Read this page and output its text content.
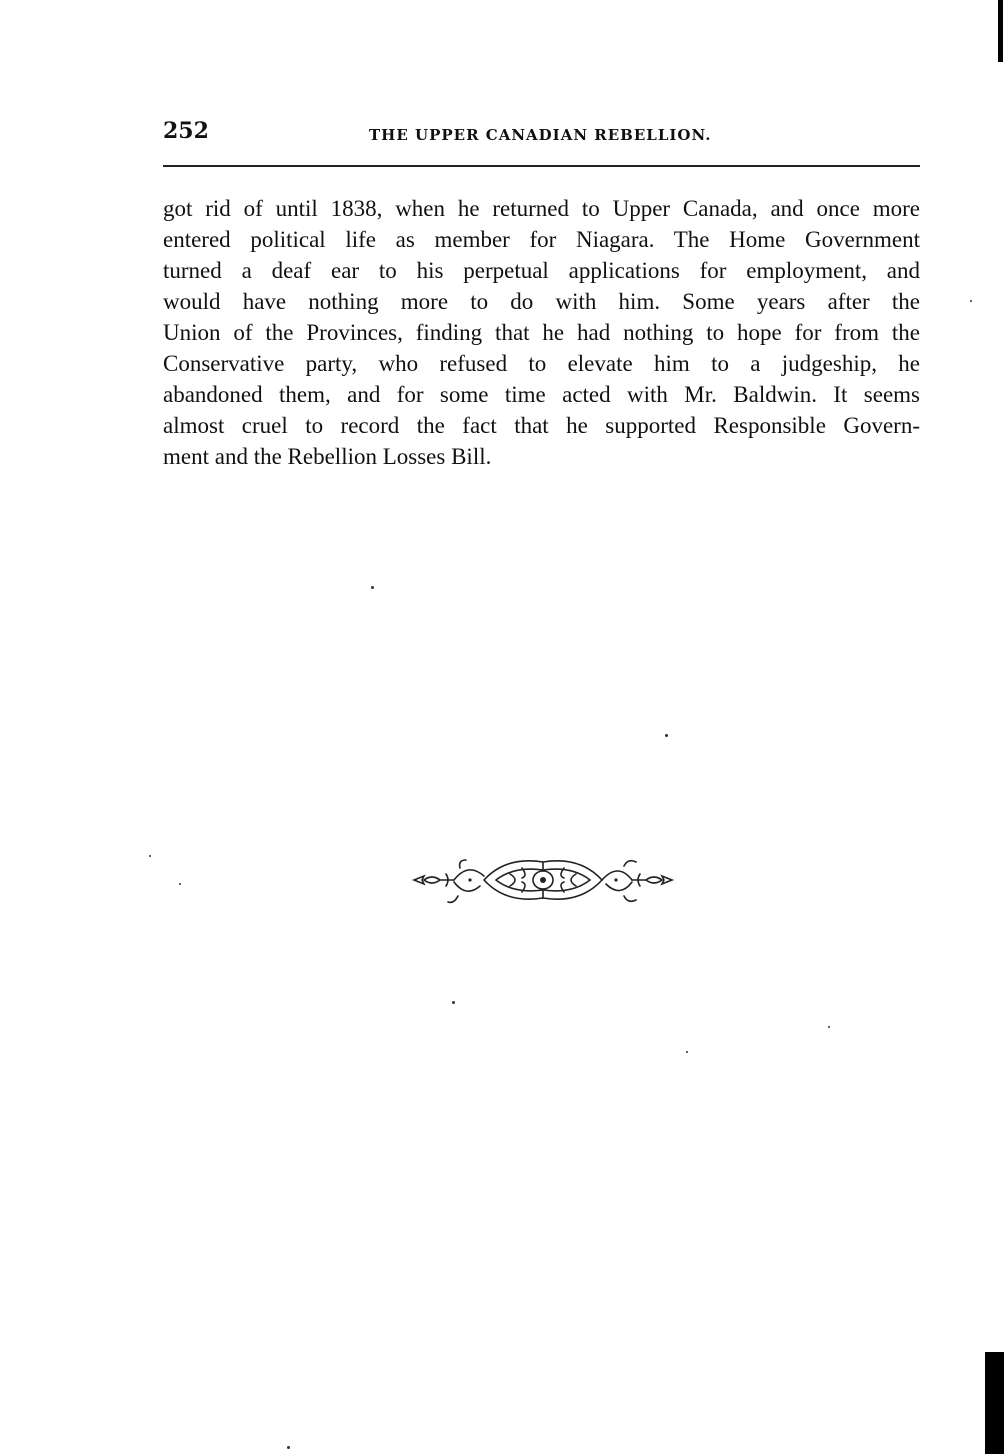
252	THE UPPER CANADIAN REBELLION.
got rid of until 1838, when he returned to Upper Canada, and once more
entered political life as member for Niagara. The Home Government
turned a deaf ear to his perpetual applications for employment, and
would have nothing more to do with him. Some years after the
Union of the Provinces, finding that he had nothing to hope for from the
Conservative party, who refused to elevate him to a judgeship, he
abandoned them, and for some time acted with Mr. Baldwin. It seems
almost cruel to record the fact that he supported Responsible Govern-
ment and the Rebellion Losses Bill.
